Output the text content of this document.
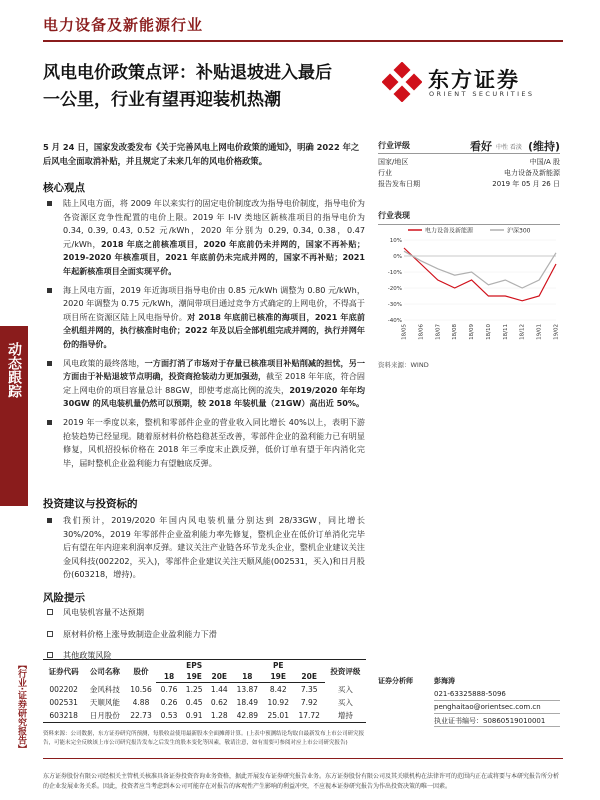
电力设备及新能源行业
风电电价政策点评：补贴退坡进入最后
一公里，行业有望再迎装机热潮
东方证券
ORIENT SECURITIES
5 月 24 日，国家发改委发布《关于完善风电上网电价政策的通知》，明确 2022 年之后风电全面取消补贴，并且规定了未来几年的风电价格政策。
核心观点
陆上风电方面，将 2009 年以来实行的固定电价制度改为指导电价制度，指导电价为各资源区竞争性配置的电价上限。2019 年 I-IV 类地区新核准项目的指导电价为 0.34, 0.39, 0.43, 0.52 元/kWh，2020 年分别为 0.29, 0.34, 0.38，0.47 元/kWh，2018 年底之前核准项目，2020 年底前仍未并网的，国家不再补贴；2019-2020 年核准项目，2021 年底前仍未完成并网的，国家不再补贴；2021 年起新核准项目全面实现平价。
海上风电方面，2019 年近海项目指导电价由 0.85 元/kWh 调整为 0.80 元/kWh，2020 年调整为 0.75 元/kWh，潮间带项目通过竞争方式确定的上网电价，不得高于项目所在资源区陆上风电指导价。对 2018 年底前已核准的海项目，2021 年底前全机组并网的，执行核准时电价；2022 年及以后全部机组完成并网的，执行并网年份的指导价。
风电政策的最终落地，一方面打消了市场对于存量已核准项目补贴削减的担忧，另一方面由于补贴退坡节点明确，投资商抢装动力更加强劲，截至 2018 年年底，符合固定上网电价的项目容量总计 88GW，即使考虑高比例的流失，2019/2020 年年均 30GW 的风电装机量仍然可以预期，较 2018 年装机量（21GW）高出近 50%。
2019 年一季度以来，整机和零部件企业的营业收入同比增长 40%以上，表明下游抢装趋势已经显现。随着原材料价格趋稳甚至改善，零部件企业的盈利能力已有明显修复，风机招投标价格在 2018 年三季度末止跌反弹，低价订单有望于年内消化完毕，届时整机企业盈利能力有望触底反弹。
投资建议与投资标的
我们预计，2019/2020 年国内风电装机量分别达到 28/33GW，同比增长 30%/20%，2019 年零部件企业盈利能力率先修复，整机企业在低价订单消化完毕后有望在年内迎来利润率反弹。建议关注产业链各环节龙头企业，整机企业建议关注金风科技(002202，买入)，零部件企业建议关注天顺风能(002531，买入)和日月股份(603218，增持)。
风险提示
风电装机容量不达预期
原材料价格上涨导致制造企业盈利能力下滑
其他政策风险
动态跟踪
【行业·证券研究报告】
行业评级	看好 中性 看淡 (维持)
国家/地区	中国/A 股
行业	电力设备及新能源
报告发布日期	2019 年 05 月 26 日
行业表现
电力设备及新能源	沪深300
10%
0%
-10%
-20%
-30%
-40%
18/05 18/06 18/07 18/08 18/09 18/10 18/11 18/12 19/01 19/02
资料来源：WIND
证券代码	公司名称	股价	EPS			PE			投资评级
			18	19E	20E	18	19E	20E	
002202	金风科技	10.56	0.76	1.25	1.44	13.87	8.42	7.35	买入
002531	天顺风能	4.88	0.26	0.45	0.62	18.49	10.92	7.92	买入
603218	日月股份	22.73	0.53	0.91	1.28	42.89	25.01	17.72	增持
证券分析师	彭海涛
021-63325888-5096
penghaitao@orientsec.com.cn
执业证书编号：S0860519010001
资料来源：公司数据，东方证券研究所预测，每股收益使用最新股本全面摊薄计算。(上表中预测结论均取自最新发布上市公司研究报告，可能未完全反映该上市公司研究报告发布之后发生的股本变化等因素，敬请注意，如有需要可参阅对应上市公司研究报告)
东方证券股份有限公司经相关主管机关核准具备证券投资咨询业务资格，据此开展发布证券研究报告业务。东方证券股份有限公司及其关联机构在法律许可的范围内正在或将要与本研究报告所分析的企业发展业务关系。因此，投资者应当考虑到本公司可能存在对报告的客观性产生影响的利益冲突，不应视本证券研究报告为作出投资决策的唯一因素。
